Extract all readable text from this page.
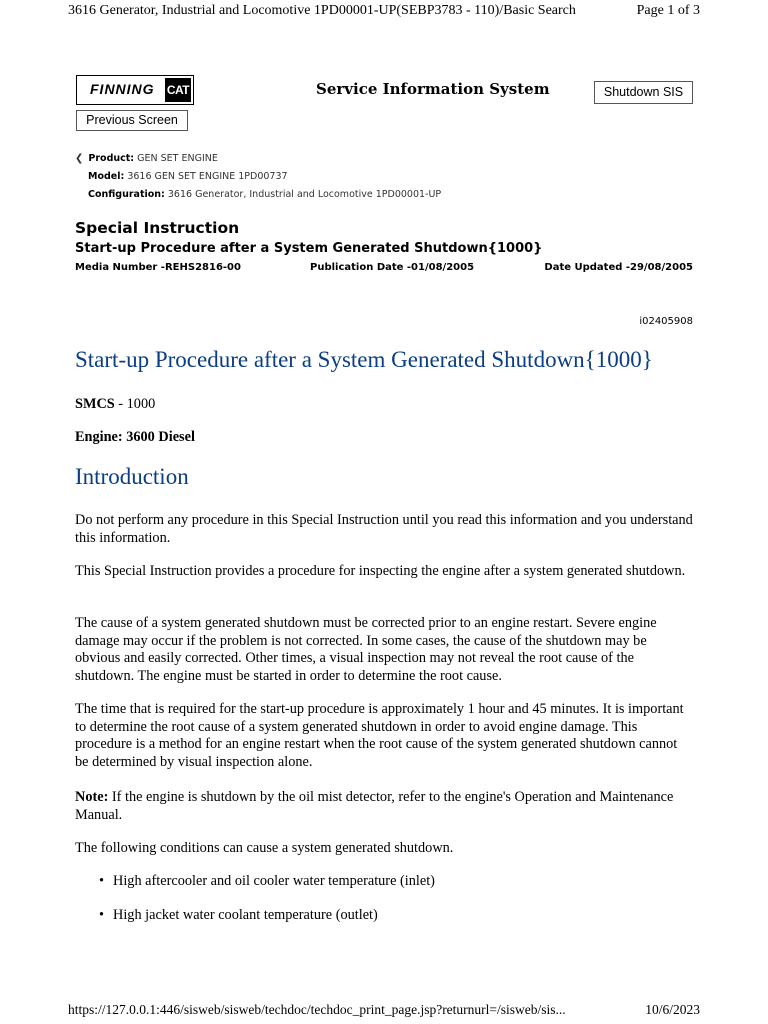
3616 Generator, Industrial and Locomotive 1PD00001-UP(SEBP3783 - 110)/Basic Search	Page 1 of 3
FINNING CAT	Service Information System	Shutdown SIS
Previous Screen
❮ Product: GEN SET ENGINE
Model: 3616 GEN SET ENGINE 1PD00737
Configuration: 3616 Generator, Industrial and Locomotive 1PD00001-UP
Special Instruction
Start-up Procedure after a System Generated Shutdown{1000}
Media Number -REHS2816-00	Publication Date -01/08/2005	Date Updated -29/08/2005
i02405908
Start-up Procedure after a System Generated Shutdown{1000}
SMCS - 1000
Engine: 3600 Diesel
Introduction
Do not perform any procedure in this Special Instruction until you read this information and you understand this information.
This Special Instruction provides a procedure for inspecting the engine after a system generated shutdown.
The cause of a system generated shutdown must be corrected prior to an engine restart. Severe engine damage may occur if the problem is not corrected. In some cases, the cause of the shutdown may be obvious and easily corrected. Other times, a visual inspection may not reveal the root cause of the shutdown. The engine must be started in order to determine the root cause.
The time that is required for the start-up procedure is approximately 1 hour and 45 minutes. It is important to determine the root cause of a system generated shutdown in order to avoid engine damage. This procedure is a method for an engine restart when the root cause of the system generated shutdown cannot be determined by visual inspection alone.
Note: If the engine is shutdown by the oil mist detector, refer to the engine's Operation and Maintenance Manual.
The following conditions can cause a system generated shutdown.
• High aftercooler and oil cooler water temperature (inlet)
• High jacket water coolant temperature (outlet)
https://127.0.0.1:446/sisweb/sisweb/techdoc/techdoc_print_page.jsp?returnurl=/sisweb/sis...	10/6/2023
